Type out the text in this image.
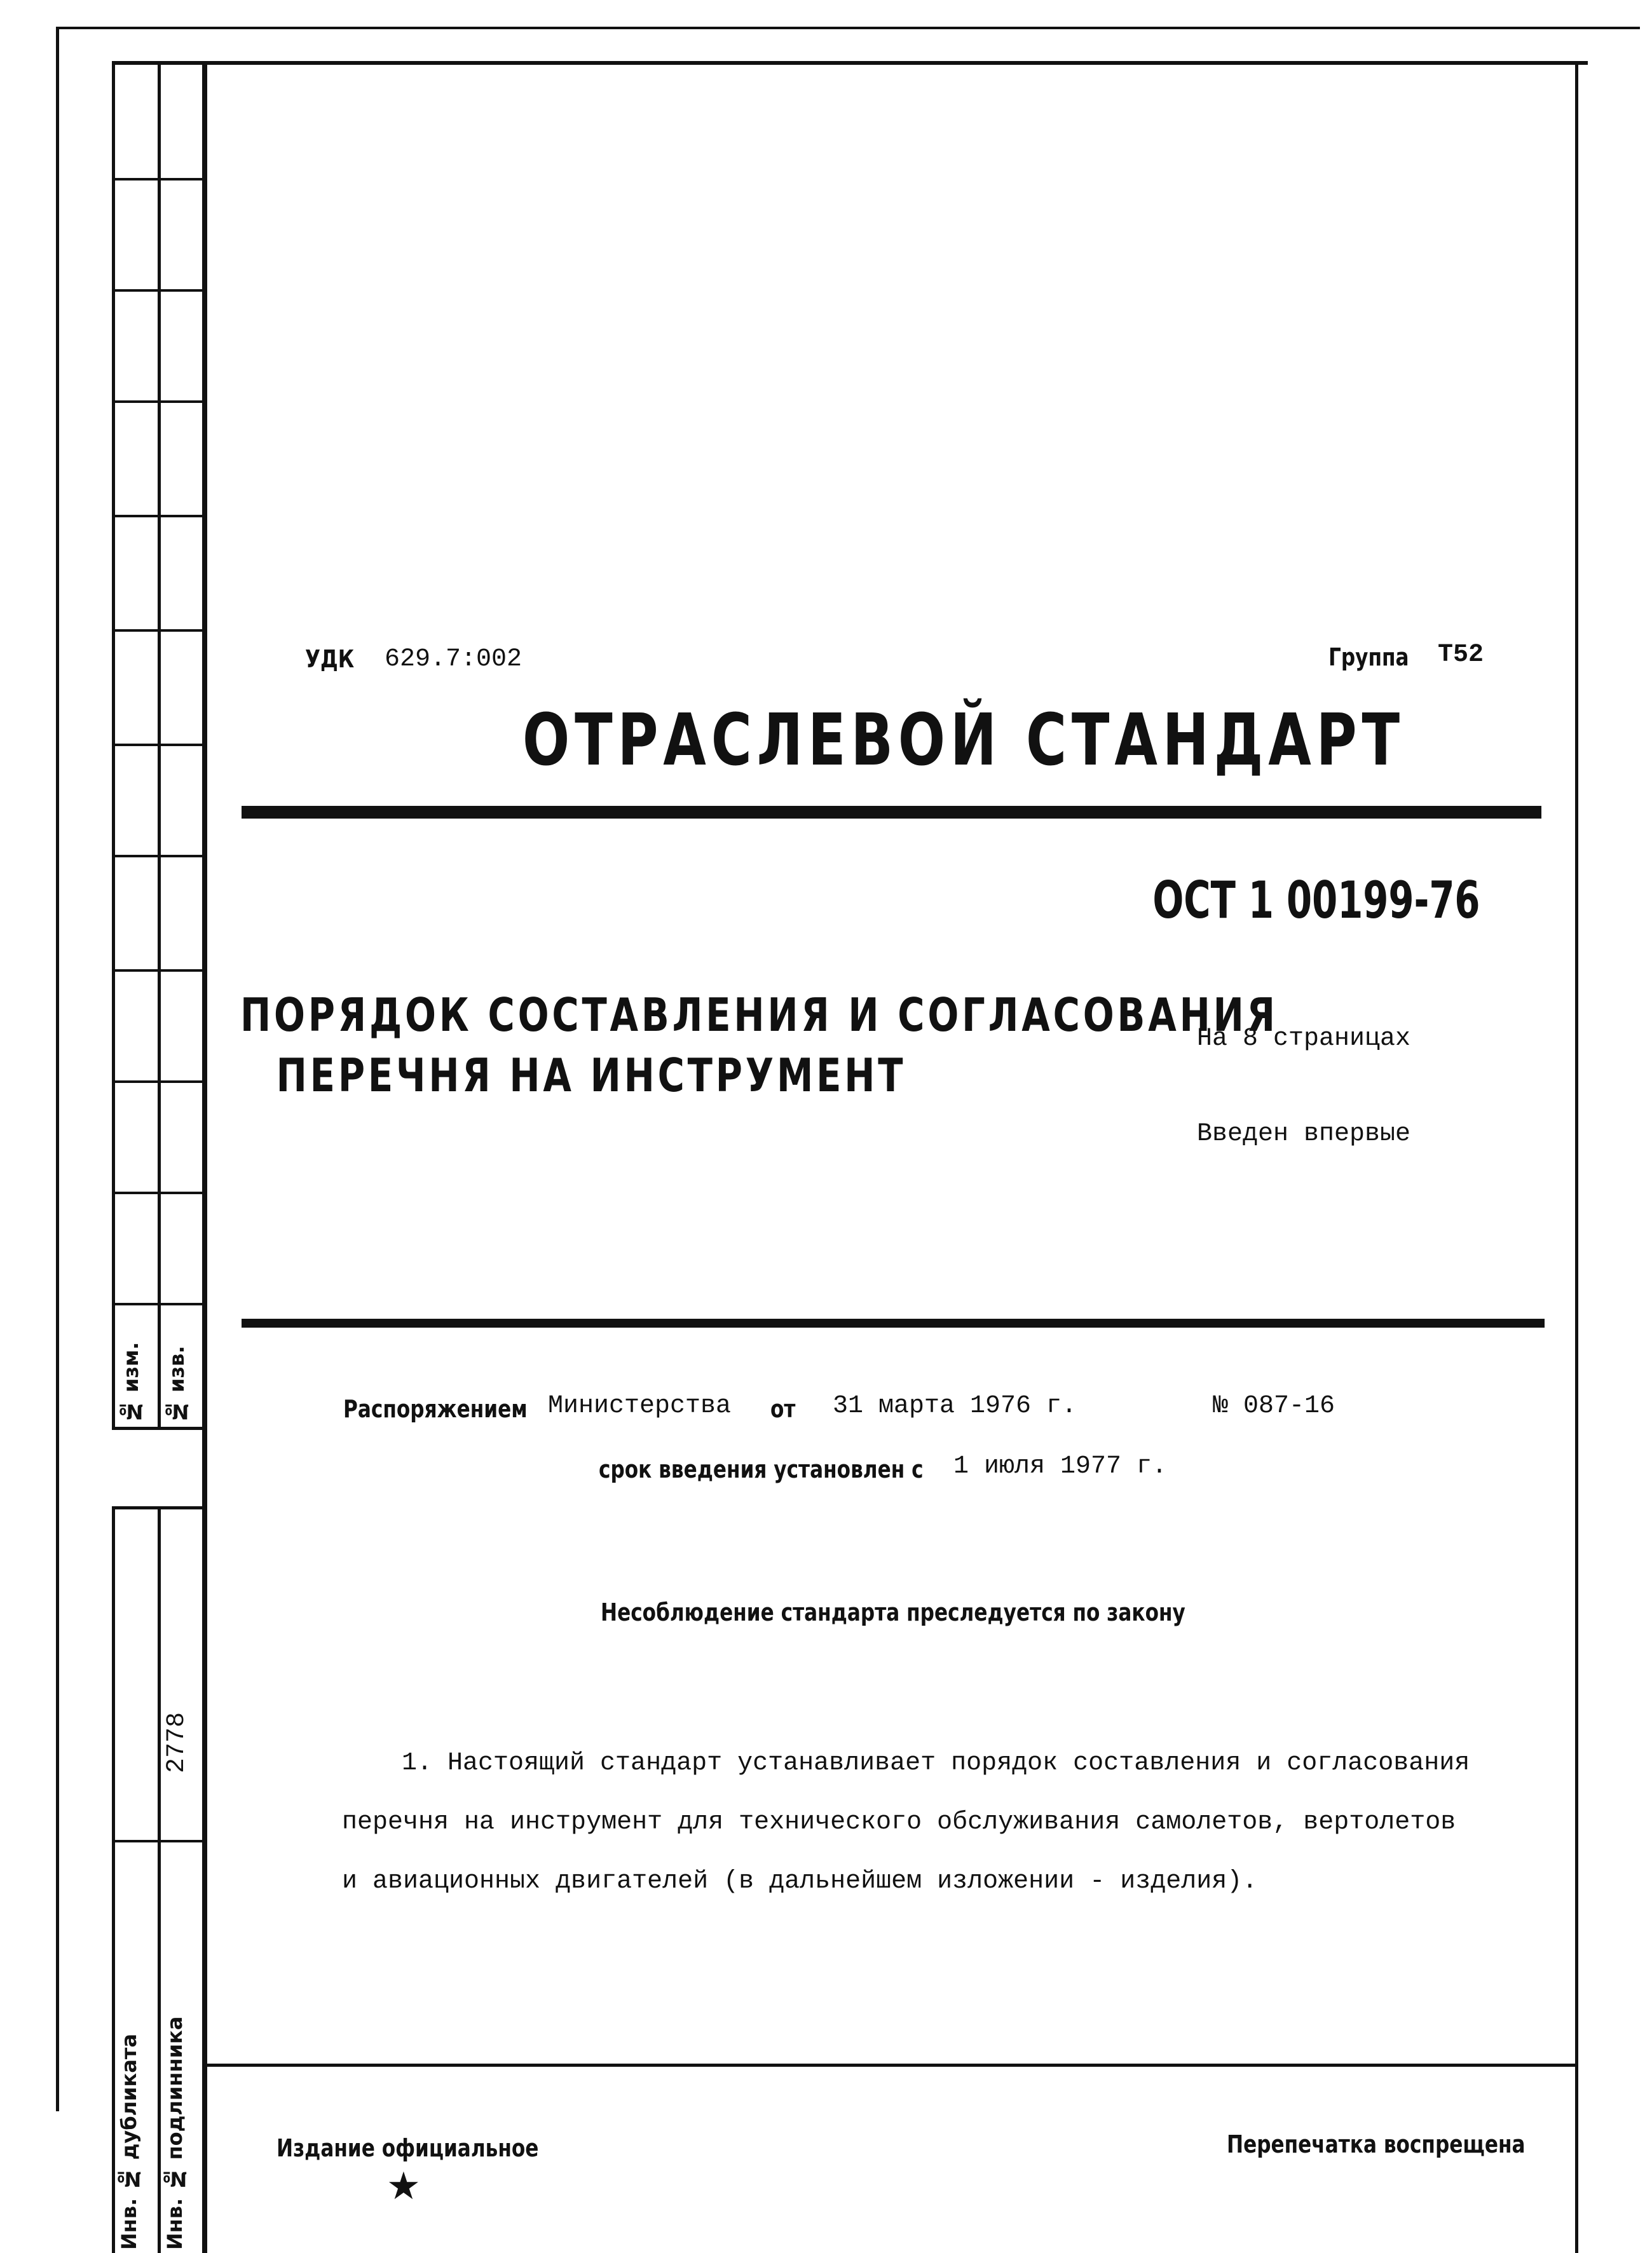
№ изм. № изв.
2778
Инв. № дубликата Инв. № подлинника
УДК 629.7:002	Группа Т52
ОТРАСЛЕВОЙ СТАНДАРТ
ОСТ 1 00199-76
ПОРЯДОК СОСТАВЛЕНИЯ И СОГЛАСОВАНИЯ
ПЕРЕЧНЯ НА ИНСТРУМЕНТ
На 8 страницах
Введен впервые
Распоряжением Министерства от 31 марта 1976 г.	№ 087-16
срок введения установлен с 1 июля 1977 г.
Несоблюдение стандарта преследуется по закону
1. Настоящий стандарт устанавливает порядок составления и согласования
перечня на инструмент для технического обслуживания самолетов, вертолетов
и авиационных двигателей (в дальнейшем изложении - изделия).
Издание официальное
★
Перепечатка воспрещена
